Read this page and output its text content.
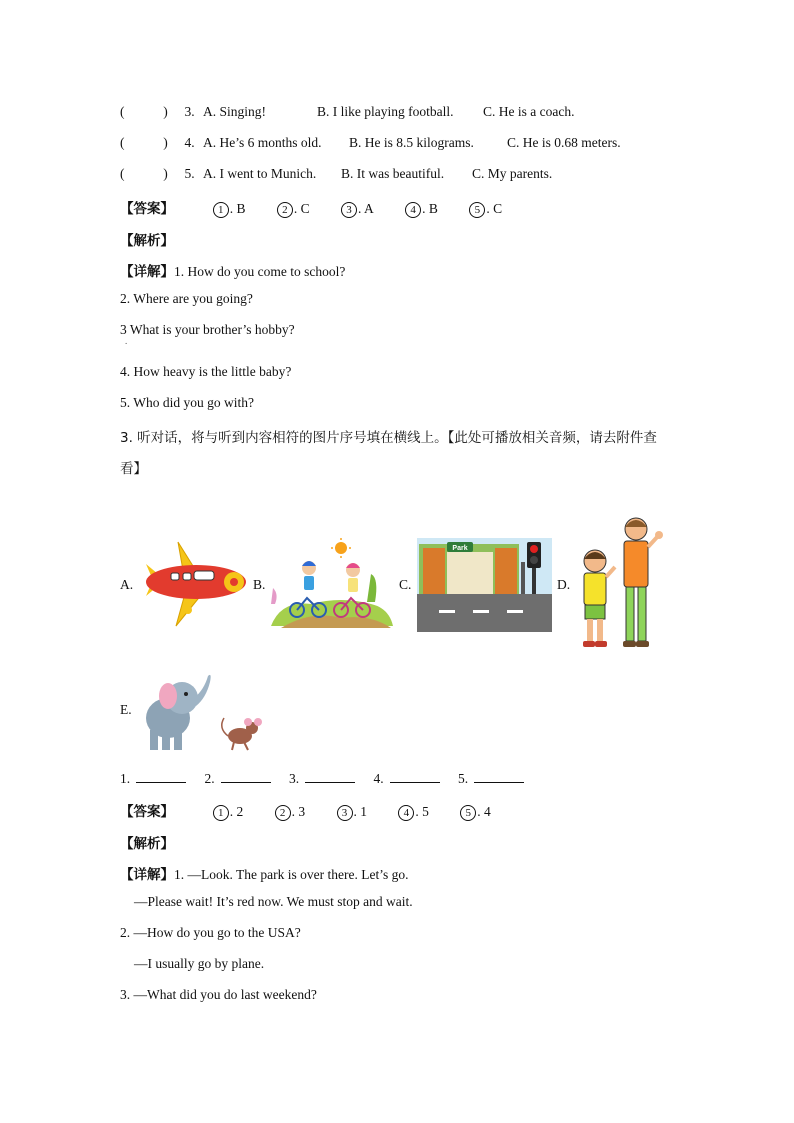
(	) 3. A. Singing!	B. I like playing football. C. He is a coach.
(	) 4. A. He’s 6 months old. B. He is 8.5 kilograms. C. He is 0.68 meters.
(	) 5. A. I went to Munich. B. It was beautiful. C. My parents.
【答案】	1 . B	2 . C	3 . A	4 . B	5 . C
【解析】
【详解】1. How do you come to school?
2. Where are you going?
3 What is your brother’s hobby?
.
4. How heavy is the little baby?
5. Who did you go with?
3. 听对话，将与听到内容相符的图片序号填在横线上。【此处可播放相关音频，请去附件查
看】
A.	B.	C.
Park
D.
E.
1.	2.	3.	4.	5.
【答案】	1 . 2	2 . 3	3 . 1	4 . 5	5 . 4
【解析】
【详解】1. —Look. The park is over there. Let’s go.
—Please wait! It’s red now. We must stop and wait.
2. —How do you go to the USA?
—I usually go by plane.
3. —What did you do last weekend?
